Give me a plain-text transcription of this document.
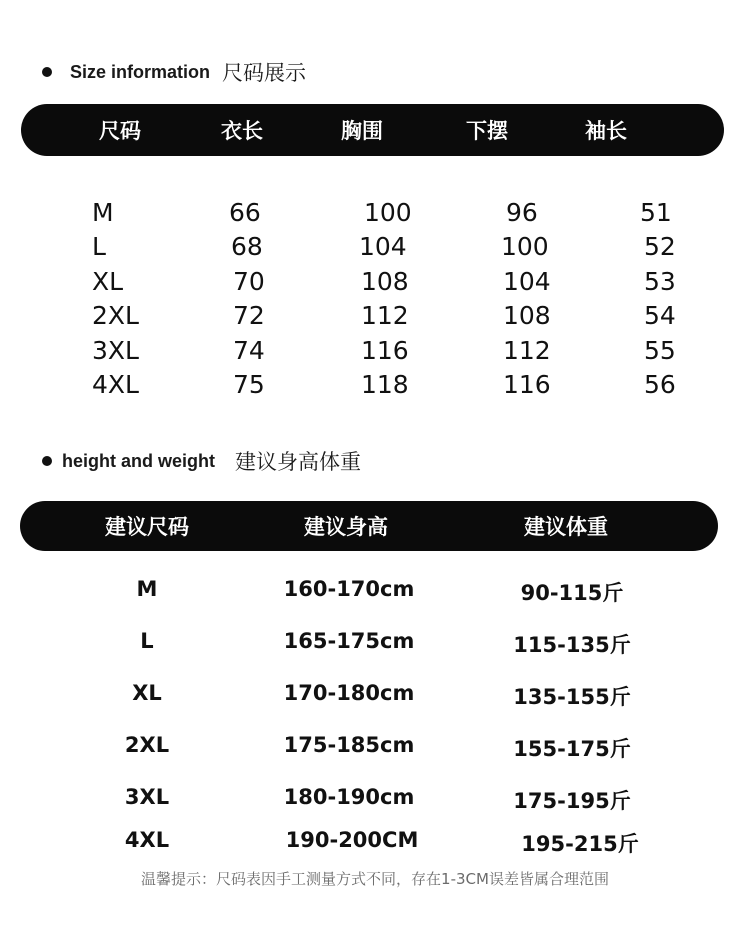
Size information 尺码展示
尺码	衣长	胸围	下摆	袖长
M	66	100	96	51
L	68	104	100	52
XL	70	108	104	53
2XL	72	112	108	54
3XL	74	116	112	55
4XL	75	118	116	56
height and weight 建议身高体重
建议尺码	建议身高	建议体重
M	160-170cm	90-115斤
L	165-175cm	115-135斤
XL	170-180cm	135-155斤
2XL	175-185cm	155-175斤
3XL	180-190cm	175-195斤
4XL	190-200CM	195-215斤
温馨提示：尺码表因手工测量方式不同，存在1-3CM误差皆属合理范围
